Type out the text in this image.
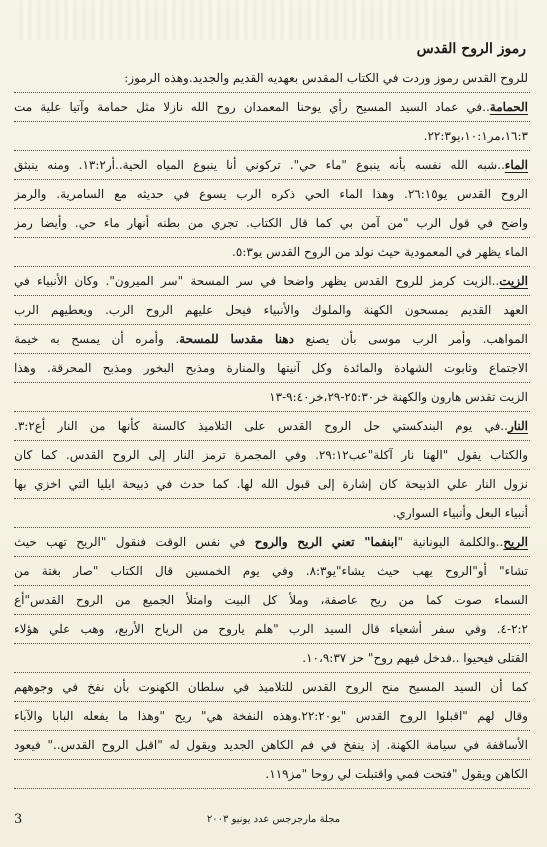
رموز الروح القدس
للروح القدس رموز وردت في الكتاب المقدس بعهديه القديم والجديد.وهذه الرموز:
الحمامة..في عماد السيد المسيح رأي يوحنا المعمدان روح الله نازلا مثل حمامة وآتيا علية مت
١٦:٣،مر١٠:١،يو٢٢:٣.
الماء..شبه الله نفسه بأنه ينبوع "ماء حي". تركوني أنا ينبوع المياه الحية..أر١٣:٢. ومنه ينبثق
الروح القدس يو٢٦:١٥. وهذا الماء الحي ذكره الرب يسوع في حديثه مع السامرية. والرمز
واضح في قول الرب "من آمن بي كما قال الكتاب. تجري من بطنه أنهار ماء حي. وأيضا رمز
الماء يظهر في المعمودية حيث نولد من الروح القدس يو٥:٣.
الزيت..الزيت كرمز للروح القدس يظهر واضحا في سر المسحة "سر الميرون". وكان الأنبياء في
العهد القديم يمسحون الكهنة والملوك والأنبياء فيحل عليهم الروح الرب. ويعطيهم الرب
المواهب. وأمر الرب موسى بأن يصنع دهنا مقدسا للمسحة. وأمره أن يمسح به خيمة
الاجتماع وتابوت الشهادة والمائدة وكل آنيتها والمنارة ومذبح البخور ومذبح المحرقة. وهذا
الزيت تقدس هارون والكهنة خر٢٥:٣٠-٢٩،خر٩:٤٠-١٣
النار..في يوم البندكستي حل الروح القدس على التلاميذ كالسنة كأنها من النار أع٣:٢.
والكتاب يقول "الهنا نار آكلة"عب٢٩:١٢. وفي المجمرة ترمز النار إلى الروح القدس. كما كان
نزول النار علي الذبيحة كان إشارة إلى قبول الله لها. كما حدث في ذبيحة ايليا التي اخزي بها
أنبياء البعل وأنبياء السواري.
الريح..والكلمة اليونانية "ابنفما" تعني الريح والروح في نفس الوقت فنقول "الريح تهب حيث
تشاء" أو"الروح يهب حيث يشاء"يو٨:٣. وفي يوم الخمسين قال الكتاب "صار بغتة من
السماء صوت كما من ريح عاصفة، وملأ كل البيت وامتلأ الجميع من الروح القدس"أع
٢:٢-٤. وفي سفر أشعياء قال السيد الرب "هلم ياروح من الرياح الأربع، وهب علي هؤلاء
القتلى فيحيوا ..فدخل فيهم روح" حز ١٠،٩:٣٧.
كما أن السيد المسيح منح الروح القدس للتلاميذ في سلطان الكهنوت بأن نفخ في وجوههم
وقال لهم "اقبلوا الروح القدس "يو٢٢:٢٠.وهذه النفخة هي" ريح "وهذا ما يفعله البابا والآباء
الأساقفة في سيامة الكهنة. إذ ينفخ في فم الكاهن الجديد ويقول له "اقبل الروح القدس.." فيعود
الكاهن ويقول "فتحت فمي واقتبلت لي روحا "مز١١٩.
3	مجلة مارجرجس عدد يونيو ٢٠٠٣
